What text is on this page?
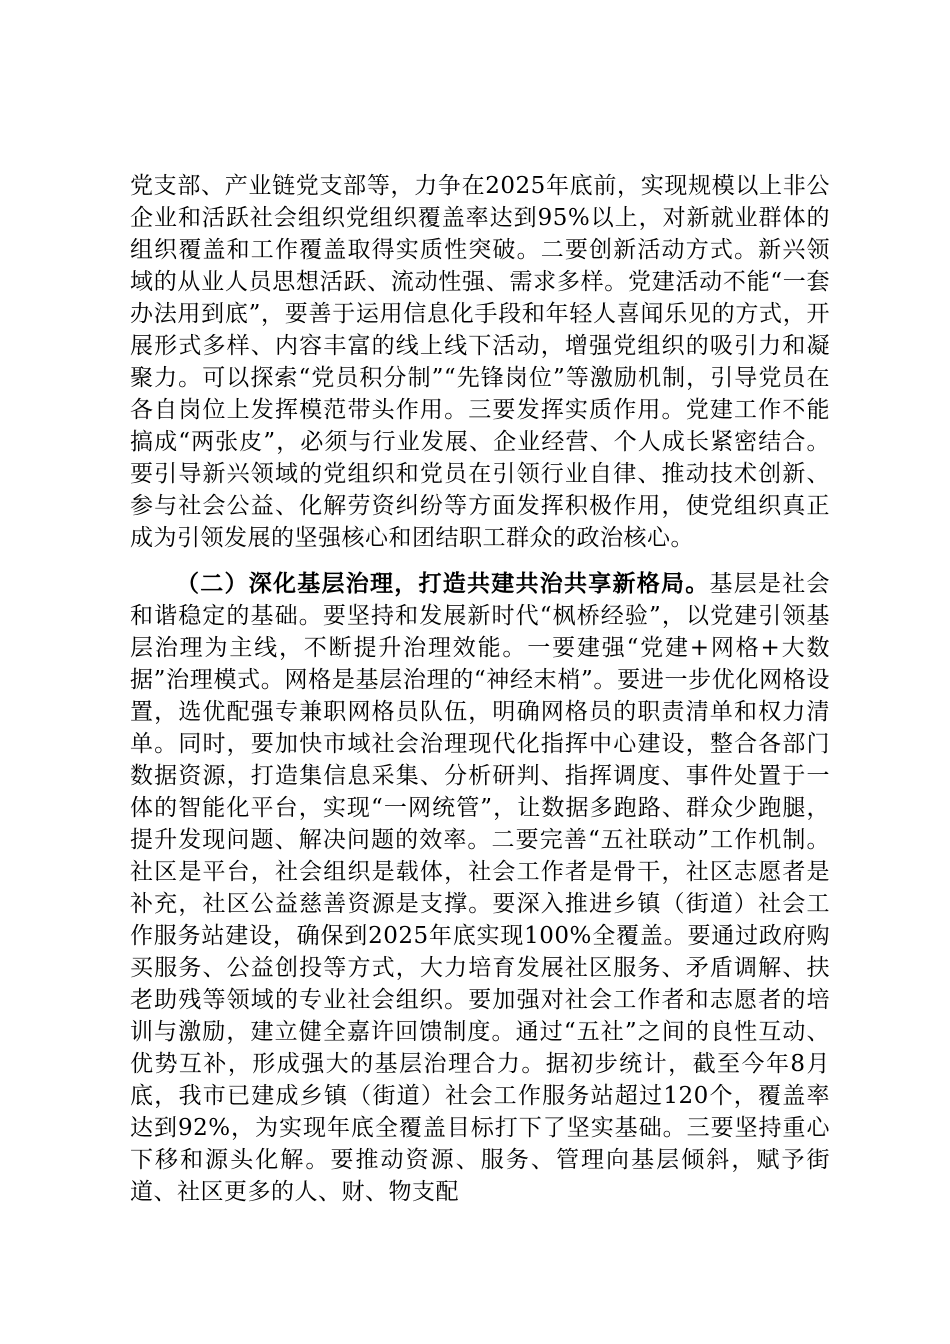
党支部、产业链党支部等，力争在2025年底前，实现规模以上非公企业和活跃社会组织党组织覆盖率达到95%以上，对新就业群体的组织覆盖和工作覆盖取得实质性突破。二要创新活动方式。新兴领域的从业人员思想活跃、流动性强、需求多样。党建活动不能“一套办法用到底”，要善于运用信息化手段和年轻人喜闻乐见的方式，开展形式多样、内容丰富的线上线下活动，增强党组织的吸引力和凝聚力。可以探索“党员积分制”“先锋岗位”等激励机制，引导党员在各自岗位上发挥模范带头作用。三要发挥实质作用。党建工作不能搞成“两张皮”，必须与行业发展、企业经营、个人成长紧密结合。要引导新兴领域的党组织和党员在引领行业自律、推动技术创新、参与社会公益、化解劳资纠纷等方面发挥积极作用，使党组织真正成为引领发展的坚强核心和团结职工群众的政治核心。

（二）深化基层治理，打造共建共治共享新格局。基层是社会和谐稳定的基础。要坚持和发展新时代“枫桥经验”，以党建引领基层治理为主线，不断提升治理效能。一要建强“党建+网格+大数据”治理模式。网格是基层治理的“神经末梢”。要进一步优化网格设置，选优配强专兼职网格员队伍，明确网格员的职责清单和权力清单。同时，要加快市域社会治理现代化指挥中心建设，整合各部门数据资源，打造集信息采集、分析研判、指挥调度、事件处置于一体的智能化平台，实现“一网统管”，让数据多跑路、群众少跑腿，提升发现问题、解决问题的效率。二要完善“五社联动”工作机制。社区是平台，社会组织是载体，社会工作者是骨干，社区志愿者是补充，社区公益慈善资源是支撑。要深入推进乡镇（街道）社会工作服务站建设，确保到2025年底实现100%全覆盖。要通过政府购买服务、公益创投等方式，大力培育发展社区服务、矛盾调解、扶老助残等领域的专业社会组织。要加强对社会工作者和志愿者的培训与激励，建立健全嘉许回馈制度。通过“五社”之间的良性互动、优势互补，形成强大的基层治理合力。据初步统计，截至今年8月底，我市已建成乡镇（街道）社会工作服务站超过120个，覆盖率达到92%，为实现年底全覆盖目标打下了坚实基础。三要坚持重心下移和源头化解。要推动资源、服务、管理向基层倾斜，赋予街道、社区更多的人、财、物支配
